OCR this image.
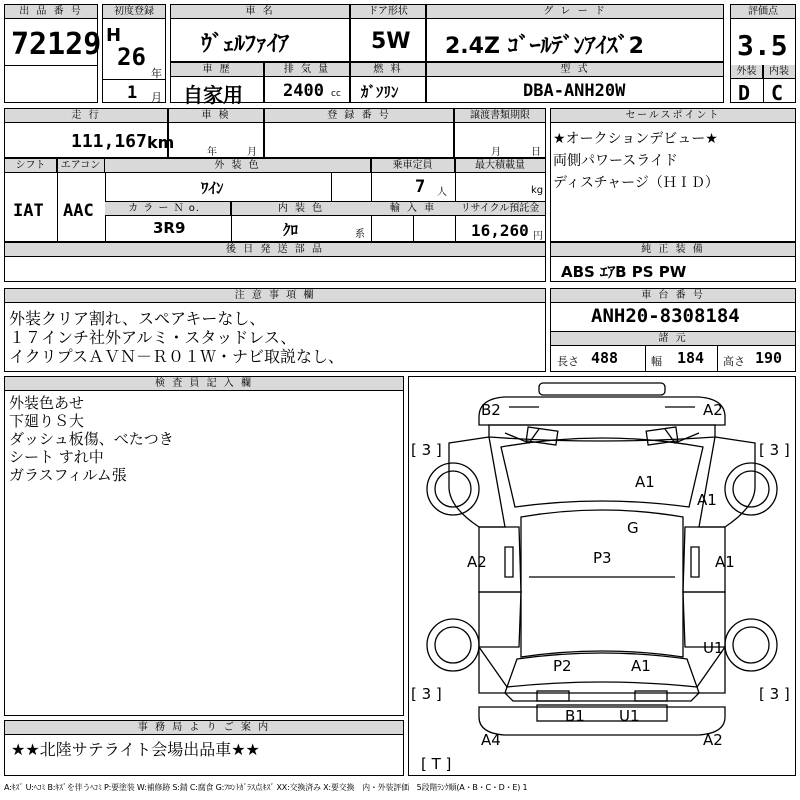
出 品 番 号
72129
初度登録
H
26
年
1 月
車 名
ｳﾞｪﾙﾌｧｲｱ
ドア形状
5W
グ レ ー ド
2.4Z ｺﾞｰﾙﾃﾞﾝｱｲｽﾞ2
評価点
3.5
外装	内装
D C
車 歴
自家用
排 気 量
2400 cc
燃 料
ｶﾞｿﾘﾝ
型 式
DBA-ANH20W
走 行
111,167 km
車 検
年	月
登 録 番 号	譲渡書類期限
月	日
セールスポイント
★オークションデビュー★
両側パワースライド
ディスチャージ（ＨＩＤ）
シフト	エアコン
IAT AAC
外 装 色
ﾜｲﾝ
乗車定員
7 人
最大積載量
kg
カ ラ ー Ｎ o．	内 装 色
3R9	ｸﾛ	系
輸 入 車	リサイクル預託金
16,260 円
後 日 発 送 部 品	純 正 装 備
ABS ｴｱB PS PW
注 意 事 項 欄
外装クリア割れ、スペアキーなし、
１７インチ社外アルミ・スタッドレス、
イクリプスＡＶＮ－Ｒ０１Ｗ・ナビ取説なし、
車 台 番 号
ANH20-8308184
諸 元
長さ 488	幅 184 高さ 190
検 査 員 記 入 欄
外装色あせ
下廻りＳ大
ダッシュ板傷、べたつき
シート すれ中
ガラスフィルム張
B2	A2
A1
A1
G
A2	P3	A1
U1
P2	A1
B1 U1
A4	A2
[ 3 ]	[ 3 ]
[ 3 ]	[ 3 ]
[ T ]
事 務 局 よ り ご 案 内
★★北陸サテライト会場出品車★★
A:ｷｽﾞ U:ﾍｺﾐ B:ｷｽﾞを伴うﾍｺﾐ P:要塗装 W:補修跡 S:錆 C:腐食 G:ﾌﾛﾝﾄｶﾞﾗｽ点ｷｽﾞ XX:交換済み X:要交換　内・外装評価　5段階ﾗﾝｸ順(A・B・C・D・E) 1
